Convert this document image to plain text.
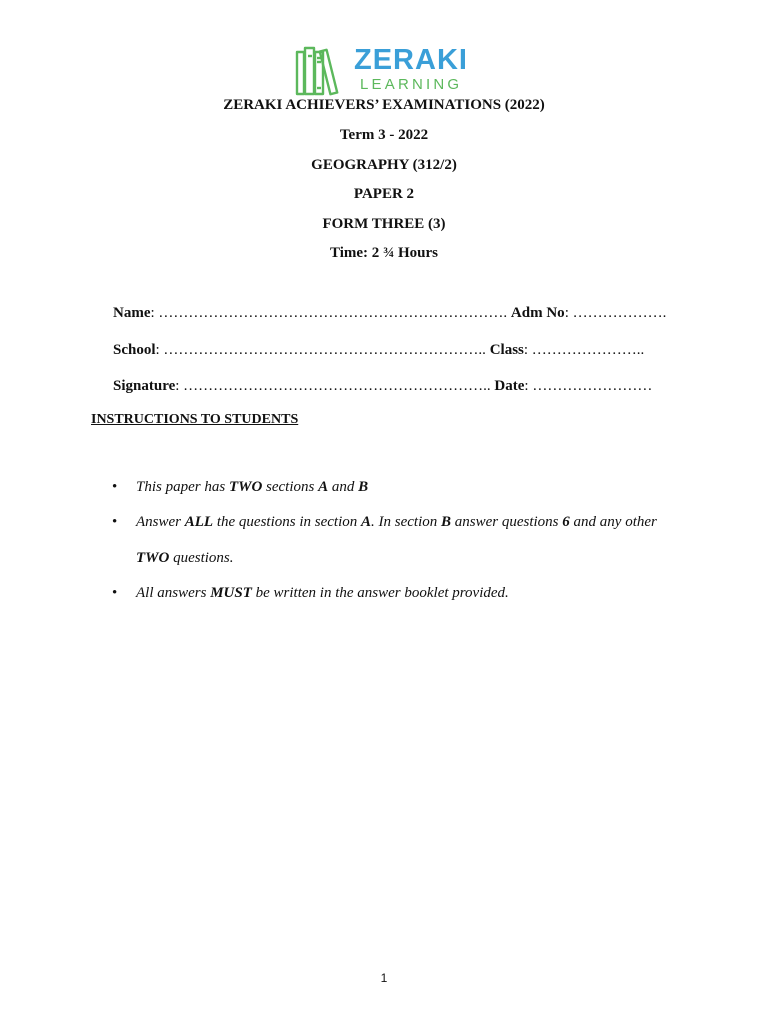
ZERAKI
LEARNING
ZERAKI ACHIEVERS’ EXAMINATIONS (2022)
Term 3 - 2022
GEOGRAPHY (312/2)
PAPER 2
FORM THREE (3)
Time: 2 ¾ Hours
Name: ……………………………………………………………. Adm No: ……………….
School: ……………………………………………………….. Class: …………………..
Signature: …………………………………………………….. Date: ……………………
INSTRUCTIONS TO STUDENTS
• This paper has TWO sections A and B
• Answer ALL the questions in section A. In section B answer questions 6 and any other
TWO questions.
• All answers MUST be written in the answer booklet provided.
1
